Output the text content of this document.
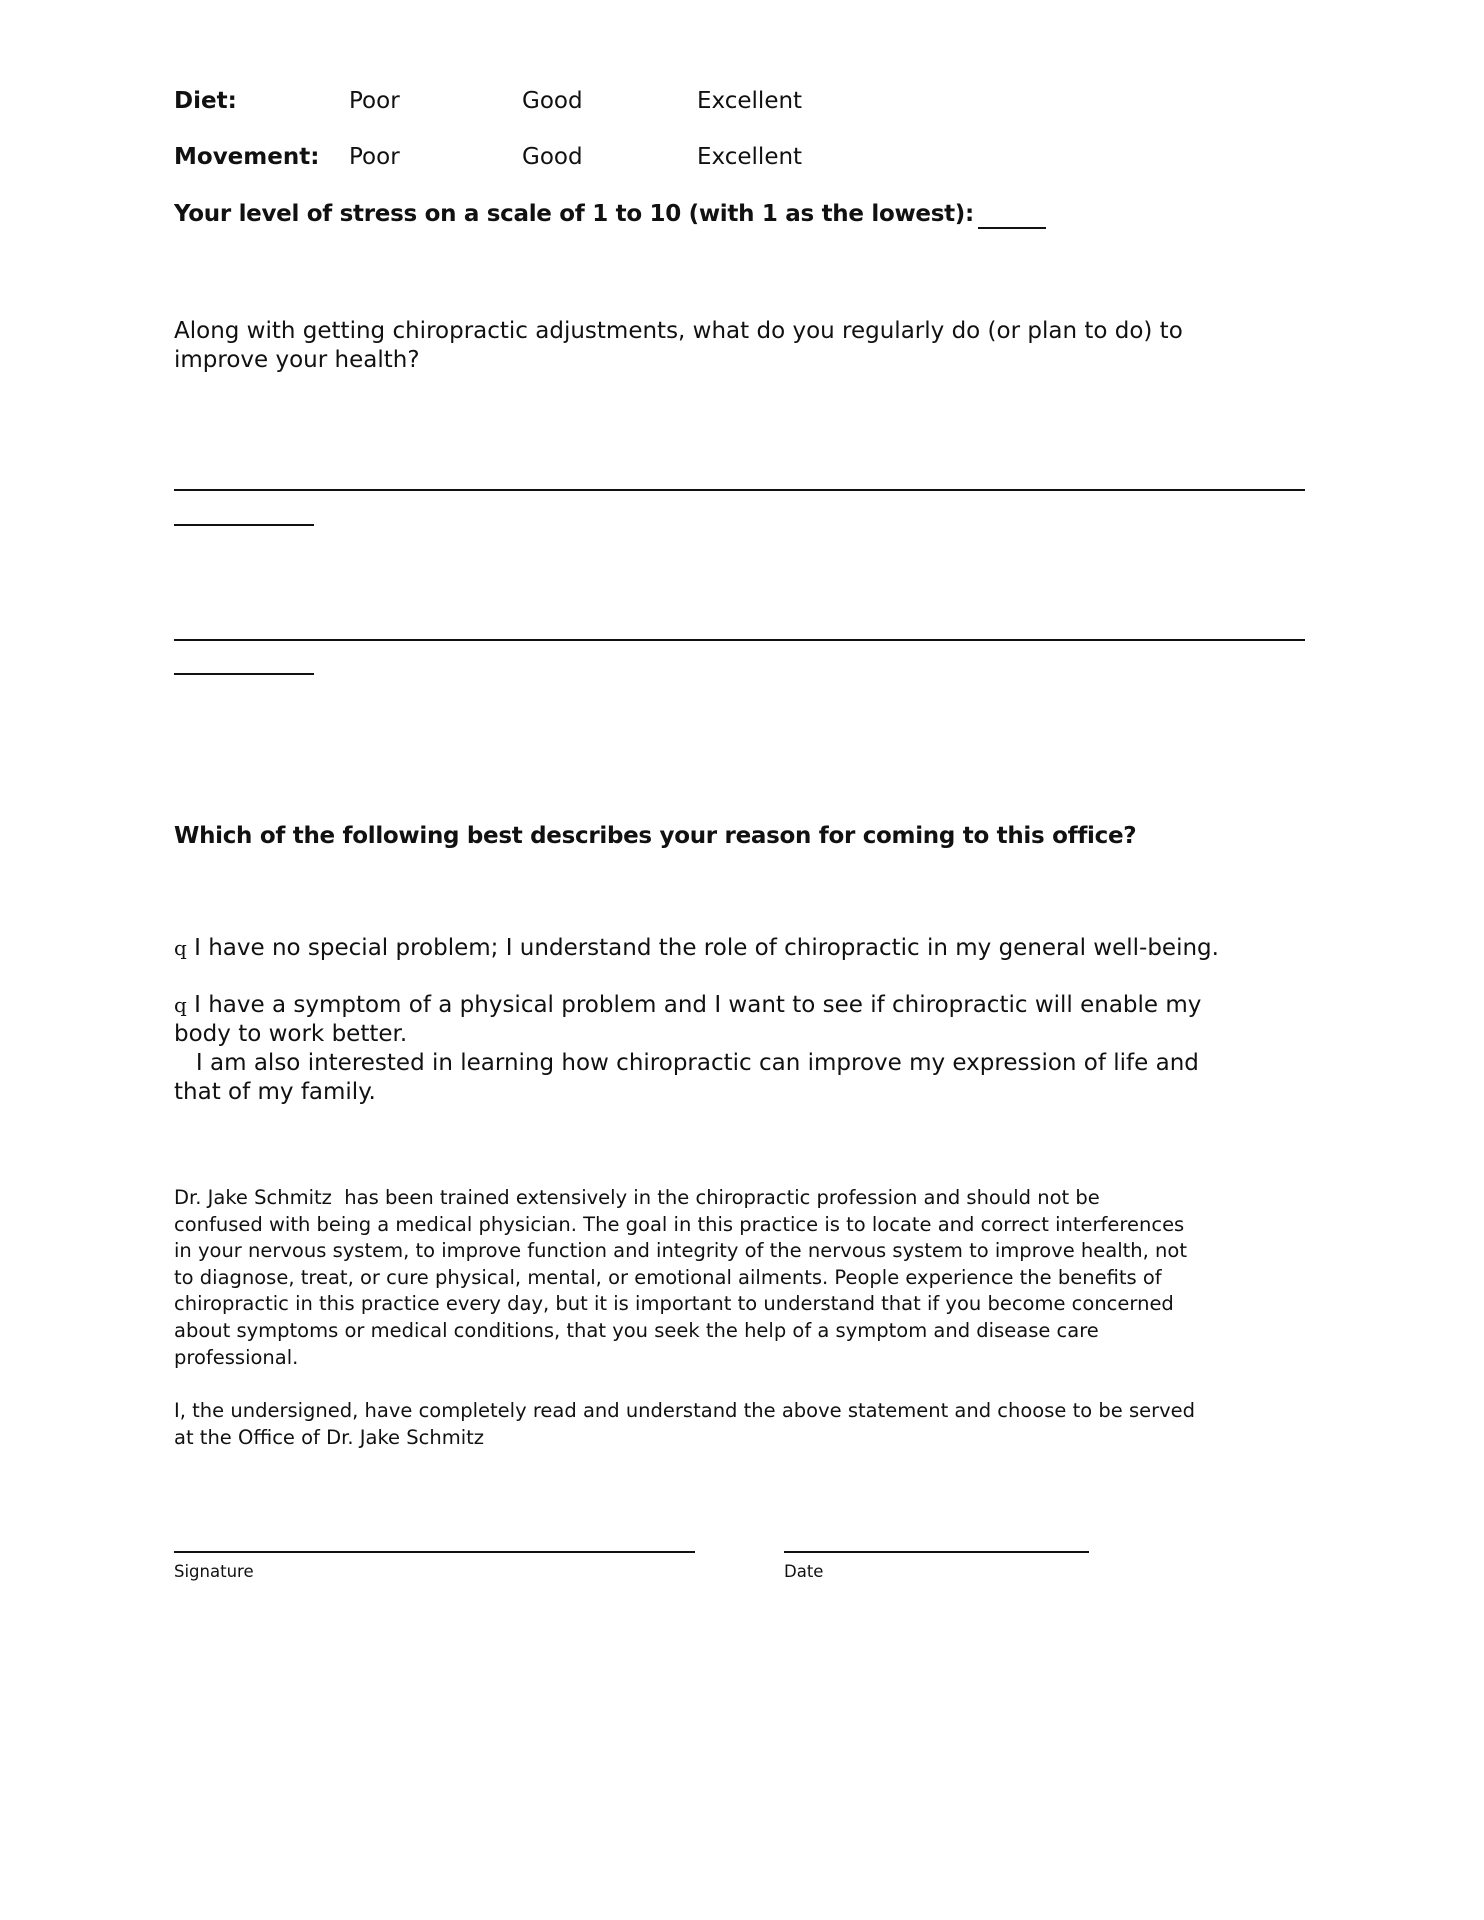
Diet:	Poor	Good	Excellent
Movement: Poor	Good	Excellent
Your level of stress on a scale of 1 to 10 (with 1 as the lowest):
Along with getting chiropractic adjustments, what do you regularly do (or plan to do) to
improve your health?
Which of the following best describes your reason for coming to this office?
q I have no special problem; I understand the role of chiropractic in my general well-being.
q I have a symptom of a physical problem and I want to see if chiropractic will enable my
body to work better.
I am also interested in learning how chiropractic can improve my expression of life and
that of my family.
Dr. Jake Schmitz  has been trained extensively in the chiropractic profession and should not be
confused with being a medical physician. The goal in this practice is to locate and correct interferences
in your nervous system, to improve function and integrity of the nervous system to improve health, not
to diagnose, treat, or cure physical, mental, or emotional ailments. People experience the benefits of
chiropractic in this practice every day, but it is important to understand that if you become concerned
about symptoms or medical conditions, that you seek the help of a symptom and disease care
professional.
I, the undersigned, have completely read and understand the above statement and choose to be served
at the Office of Dr. Jake Schmitz
Signature	Date
